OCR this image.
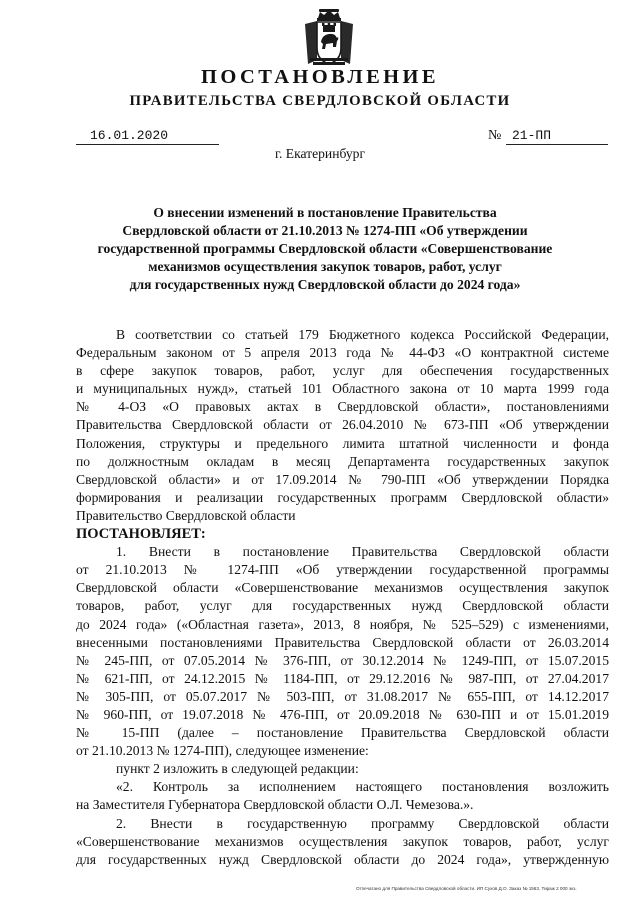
ПОСТАНОВЛЕНИЕ
ПРАВИТЕЛЬСТВА СВЕРДЛОВСКОЙ ОБЛАСТИ
16.01.2020	№ 21-ПП
г. Екатеринбург
О внесении изменений в постановление Правительства
Свердловской области от 21.10.2013 № 1274-ПП «Об утверждении
государственной программы Свердловской области «Совершенствование
механизмов осуществления закупок товаров, работ, услуг
для государственных нужд Свердловской области до 2024 года»
В соответствии со статьей 179 Бюджетного кодекса Российской Федерации,
Федеральным законом от 5 апреля 2013 года № 44-ФЗ «О контрактной системе
в сфере закупок товаров, работ, услуг для обеспечения государственных
и муниципальных нужд», статьей 101 Областного закона от 10 марта 1999 года
№ 4-ОЗ «О правовых актах в Свердловской области», постановлениями
Правительства Свердловской области от 26.04.2010 № 673-ПП «Об утверждении
Положения, структуры и предельного лимита штатной численности и фонда
по должностным окладам в месяц Департамента государственных закупок
Свердловской области» и от 17.09.2014 № 790-ПП «Об утверждении Порядка
формирования и реализации государственных программ Свердловской области»
Правительство Свердловской области
ПОСТАНОВЛЯЕТ:
1. Внести в постановление Правительства Свердловской области
от 21.10.2013 № 1274-ПП «Об утверждении государственной программы
Свердловской области «Совершенствование механизмов осуществления закупок
товаров, работ, услуг для государственных нужд Свердловской области
до 2024 года» («Областная газета», 2013, 8 ноября, № 525–529) с изменениями,
внесенными постановлениями Правительства Свердловской области от 26.03.2014
№ 245-ПП, от 07.05.2014 № 376-ПП, от 30.12.2014 № 1249-ПП, от 15.07.2015
№ 621-ПП, от 24.12.2015 № 1184-ПП, от 29.12.2016 № 987-ПП, от 27.04.2017
№ 305-ПП, от 05.07.2017 № 503-ПП, от 31.08.2017 № 655-ПП, от 14.12.2017
№ 960-ПП, от 19.07.2018 № 476-ПП, от 20.09.2018 № 630-ПП и от 15.01.2019
№ 15-ПП (далее – постановление Правительства Свердловской области
от 21.10.2013 № 1274-ПП), следующее изменение:
пункт 2 изложить в следующей редакции:
«2. Контроль за исполнением настоящего постановления возложить
на Заместителя Губернатора Свердловской области О.Л. Чемезова.».
2. Внести в государственную программу Свердловской области
«Совершенствование механизмов осуществления закупок товаров, работ, услуг
для государственных нужд Свердловской области до 2024 года», утвержденную
Отпечатано для Правительства Свердловской области. ИП Сухов Д.О. Заказ № 1563. Тираж 2 000 экз.
